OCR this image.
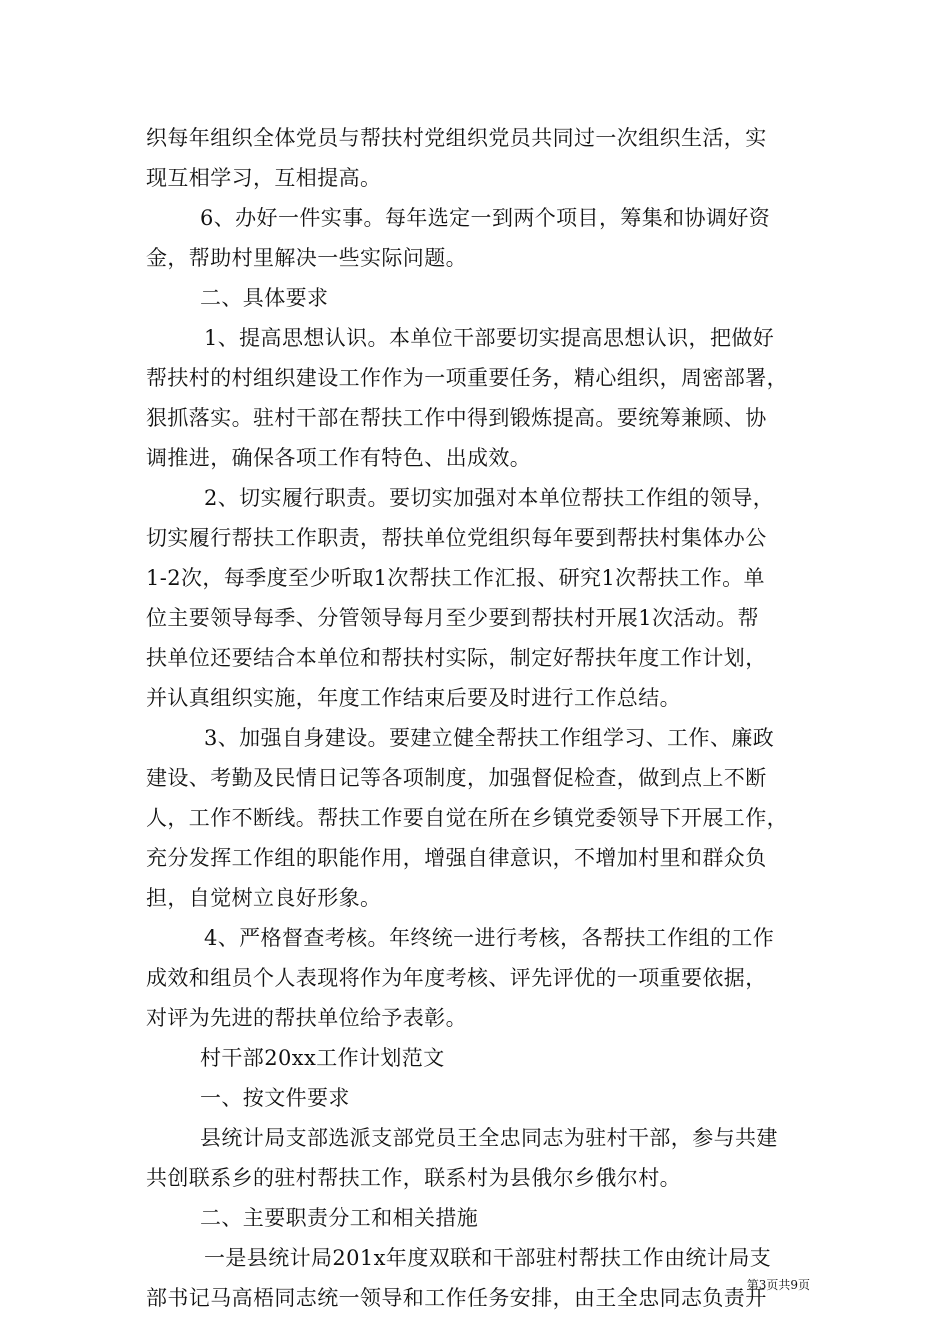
织每年组织全体党员与帮扶村党组织党员共同过一次组织生活，实
现互相学习，互相提高。
6、办好一件实事。每年选定一到两个项目，筹集和协调好资
金，帮助村里解决一些实际问题。
二、具体要求
1、提高思想认识。本单位干部要切实提高思想认识，把做好
帮扶村的村组织建设工作作为一项重要任务，精心组织，周密部署，
狠抓落实。驻村干部在帮扶工作中得到锻炼提高。要统筹兼顾、协
调推进，确保各项工作有特色、出成效。
2、切实履行职责。要切实加强对本单位帮扶工作组的领导，
切实履行帮扶工作职责，帮扶单位党组织每年要到帮扶村集体办公
1-2次，每季度至少听取1次帮扶工作汇报、研究1次帮扶工作。单
位主要领导每季、分管领导每月至少要到帮扶村开展1次活动。帮
扶单位还要结合本单位和帮扶村实际，制定好帮扶年度工作计划，
并认真组织实施，年度工作结束后要及时进行工作总结。
3、加强自身建设。要建立健全帮扶工作组学习、工作、廉政
建设、考勤及民情日记等各项制度，加强督促检查，做到点上不断
人，工作不断线。帮扶工作要自觉在所在乡镇党委领导下开展工作，
充分发挥工作组的职能作用，增强自律意识，不增加村里和群众负
担，自觉树立良好形象。
4、严格督查考核。年终统一进行考核，各帮扶工作组的工作
成效和组员个人表现将作为年度考核、评先评优的一项重要依据，
对评为先进的帮扶单位给予表彰。
村干部20xx工作计划范文
一、按文件要求
县统计局支部选派支部党员王全忠同志为驻村干部，参与共建
共创联系乡的驻村帮扶工作，联系村为县俄尔乡俄尔村。
二、主要职责分工和相关措施
一是县统计局201x年度双联和干部驻村帮扶工作由统计局支
部书记马高梧同志统一领导和工作任务安排，由王全忠同志负责开
第3页共9页
